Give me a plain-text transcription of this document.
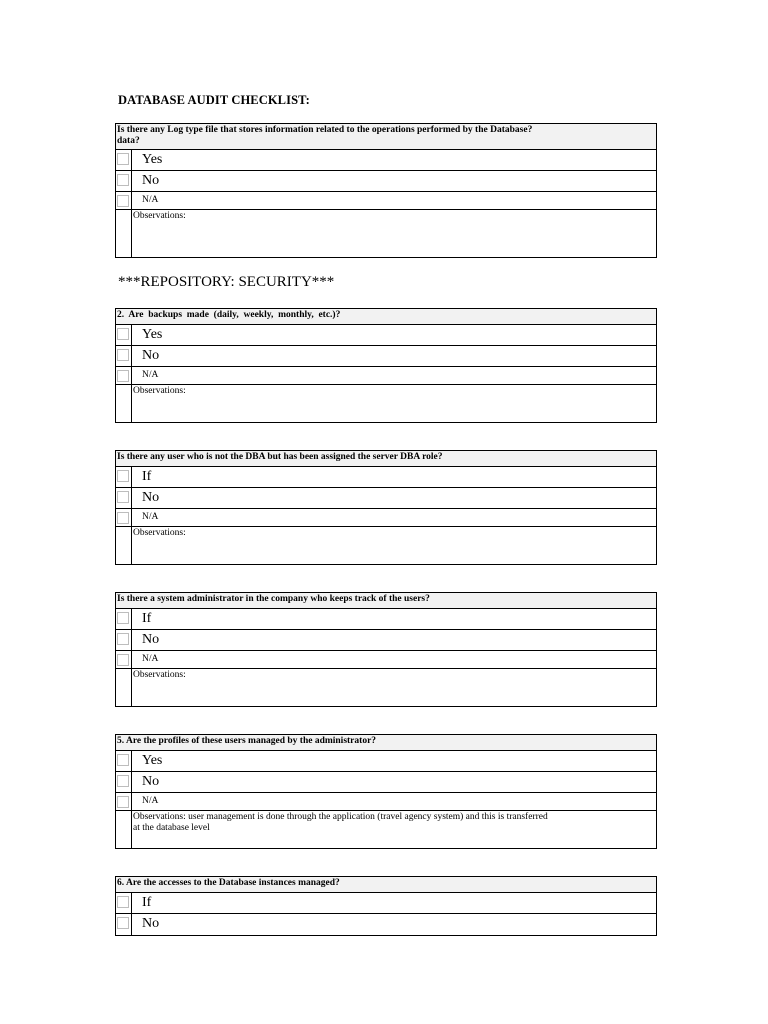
DATABASE AUDIT CHECKLIST:
Is there any Log type file that stores information related to the operations performed by the Database?
data?
Yes
No
N/A
Observations:
***REPOSITORY: SECURITY***
2.  Are  backups  made  (daily,  weekly,  monthly,  etc.)?
Yes
No
N/A
Observations:
Is there any user who is not the DBA but has been assigned the server DBA role?
If
No
N/A
Observations:
Is there a system administrator in the company who keeps track of the users?
If
No
N/A
Observations:
5. Are the profiles of these users managed by the administrator?
Yes
No
N/A
Observations: user management is done through the application (travel agency system) and this is transferred
at the database level
6. Are the accesses to the Database instances managed?
If
No
